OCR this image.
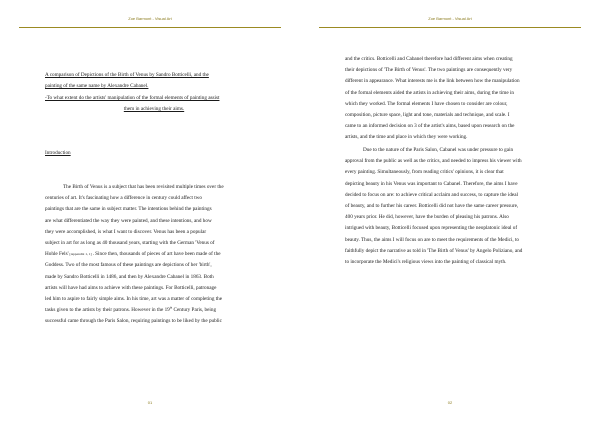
Zoe Barmont - Visual Art
A comparison of Depictions of the Birth of Venus by Sandro Botticelli, and the
painting of the same name by Alexandre Cabanel.
-To what extent do the artists' manipulation of the formal elements of painting assist
them in achieving their aims.
Introduction
The Birth of Venus is a subject that has been revisited multiple times over the
centuries of art. It's fascinating how a difference in century could affect two
paintings that are the same in subject matter. The intentions behind the paintings
are what differentiated the way they were painted, and these intentions, and how
they were accomplished, is what I want to discover. Venus has been a popular
subject in art for as long as 40 thousand years, starting with the German 'Venus of
Hohle Fels' [Appendix 1, 1] . Since then, thousands of pieces of art have been made of the
Goddess. Two of the most famous of these paintings are depictions of her 'birth',
made by Sandro Botticelli in 1486, and then by Alexandre Cabanel in 1863. Both
artists will have had aims to achieve with these paintings. For Botticelli, patronage
led him to aspire to fairly simple aims. In his time, art was a matter of completing the
tasks given to the artists by their patrons. However in the 19th Century Paris, being
successful came through the Paris Salon, requiring paintings to be liked by the public
01
Zoe Barmont - Visual Art
and the critics. Botticelli and Cabanel therefore had different aims when creating
their depictions of 'The Birth of Venus'. The two paintings are consequently very
different in appearance. What interests me is the link between how the manipulation
of the formal elements aided the artists in achieving their aims, during the time in
which they worked. The formal elements I have chosen to consider are colour,
composition, picture space, light and tone, materials and technique, and scale. I
came to an informed decision on 3 of the artist's aims, based upon research on the
artists, and the time and place in which they were working.
Due to the nature of the Paris Salon, Cabanel was under pressure to gain
approval from the public as well as the critics, and needed to impress his viewer with
every painting. Simultaneously, from reading critics' opinions, it is clear that
depicting beauty in his Venus was important to Cabanel. Therefore, the aims I have
decided to focus on are: to achieve critical acclaim and success, to capture the ideal
of beauty, and to further his career. Botticelli did not have the same career pressure,
400 years prior. He did, however, have the burden of pleasing his patrons. Also
intrigued with beauty, Botticelli focused upon representing the neoplatonic ideal of
beauty. Thus, the aims I will focus on are to meet the requirements of the Medici, to
faithfully depict the narrative as told in 'The Birth of Venus' by Angelo Poliziano, and
to incorporate the Medici's religious views into the painting of classical myth.
02
